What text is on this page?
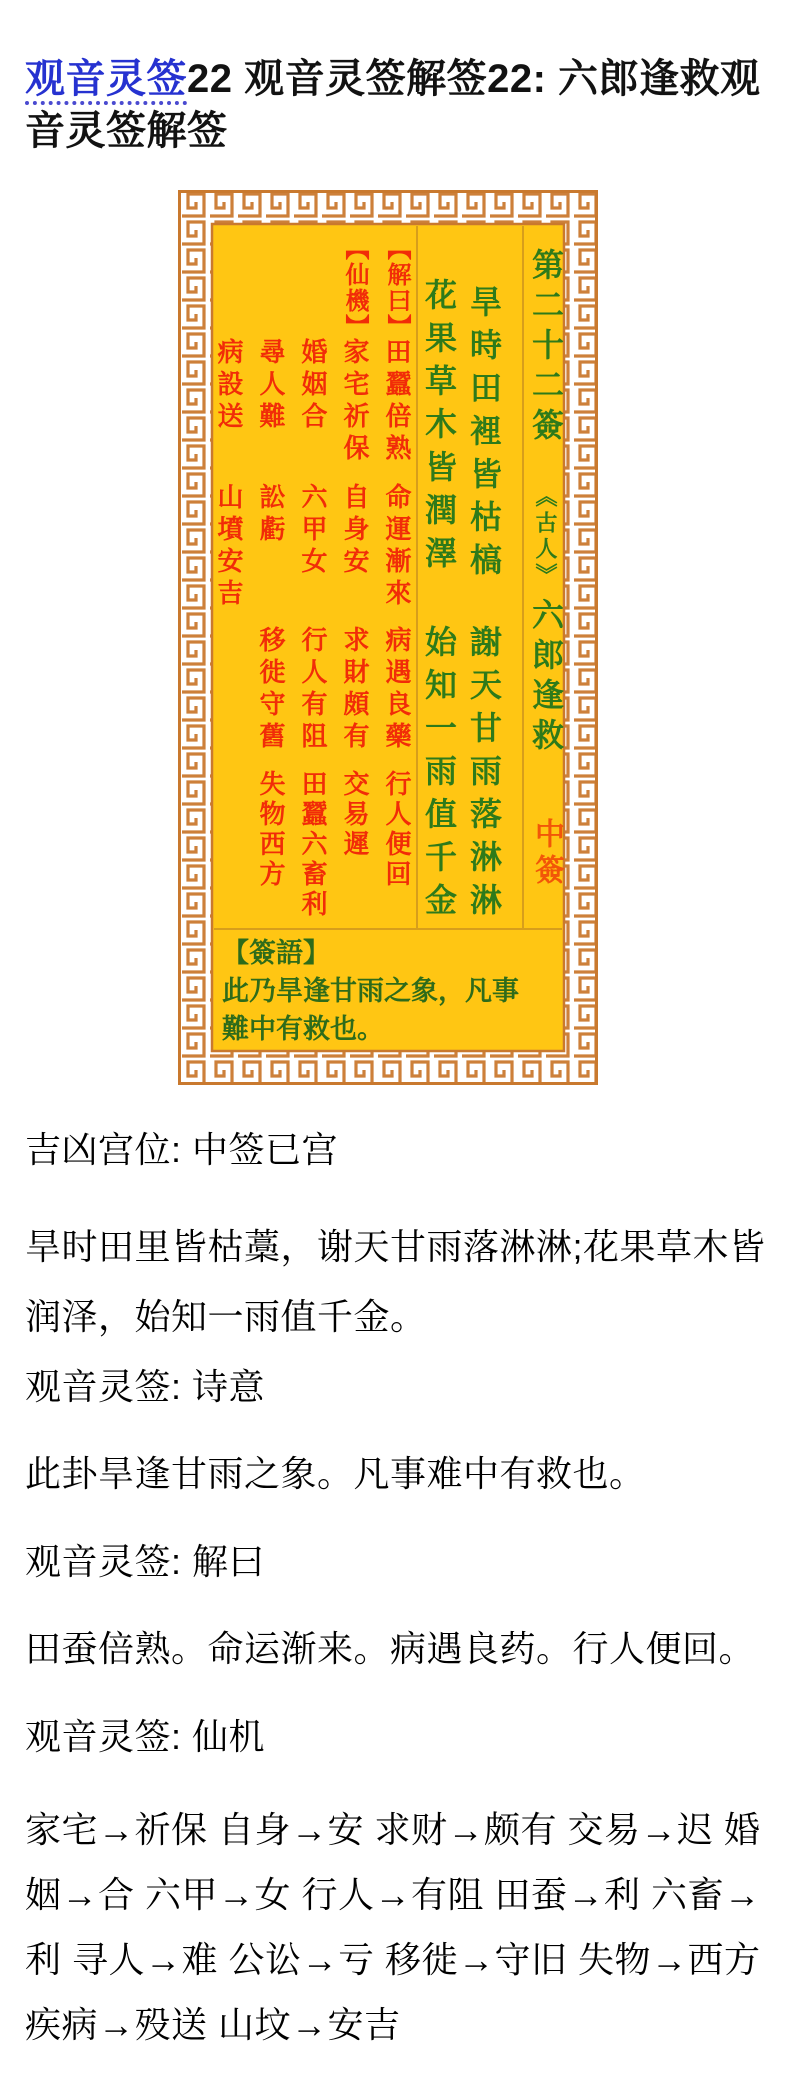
观音灵签22 观音灵签解签22: 六郎逢救观音灵签解签
第二十二簽
《古人》
六郎逢救
中簽
旱時田裡皆枯槁
謝天甘雨落淋淋
花果草木皆潤澤
始知一雨值千金
【解曰】
田蠶倍熟
命運漸來
病遇良藥
行人便回
【仙機】
家宅祈保
自身安
求財頗有
交易遲
婚姻合
六甲女
行人有阻
田蠶六畜利
尋人難
訟虧
移徙守舊
失物西方
病設送
山墳安吉
【簽語】
此乃旱逢甘雨之象，凡事難中有救也。
吉凶宫位: 中签已宫
旱时田里皆枯藁，谢天甘雨落淋淋;花果草木皆润泽，始知一雨值千金。
观音灵签: 诗意
此卦旱逢甘雨之象。凡事难中有救也。
观音灵签: 解曰
田蚕倍熟。命运渐来。病遇良药。行人便回。
观音灵签: 仙机
家宅→祈保 自身→安 求财→颇有 交易→迟 婚姻→合 六甲→女 行人→有阻 田蚕→利 六畜→利 寻人→难 公讼→亏 移徙→守旧 失物→西方 疾病→殁送 山坟→安吉
